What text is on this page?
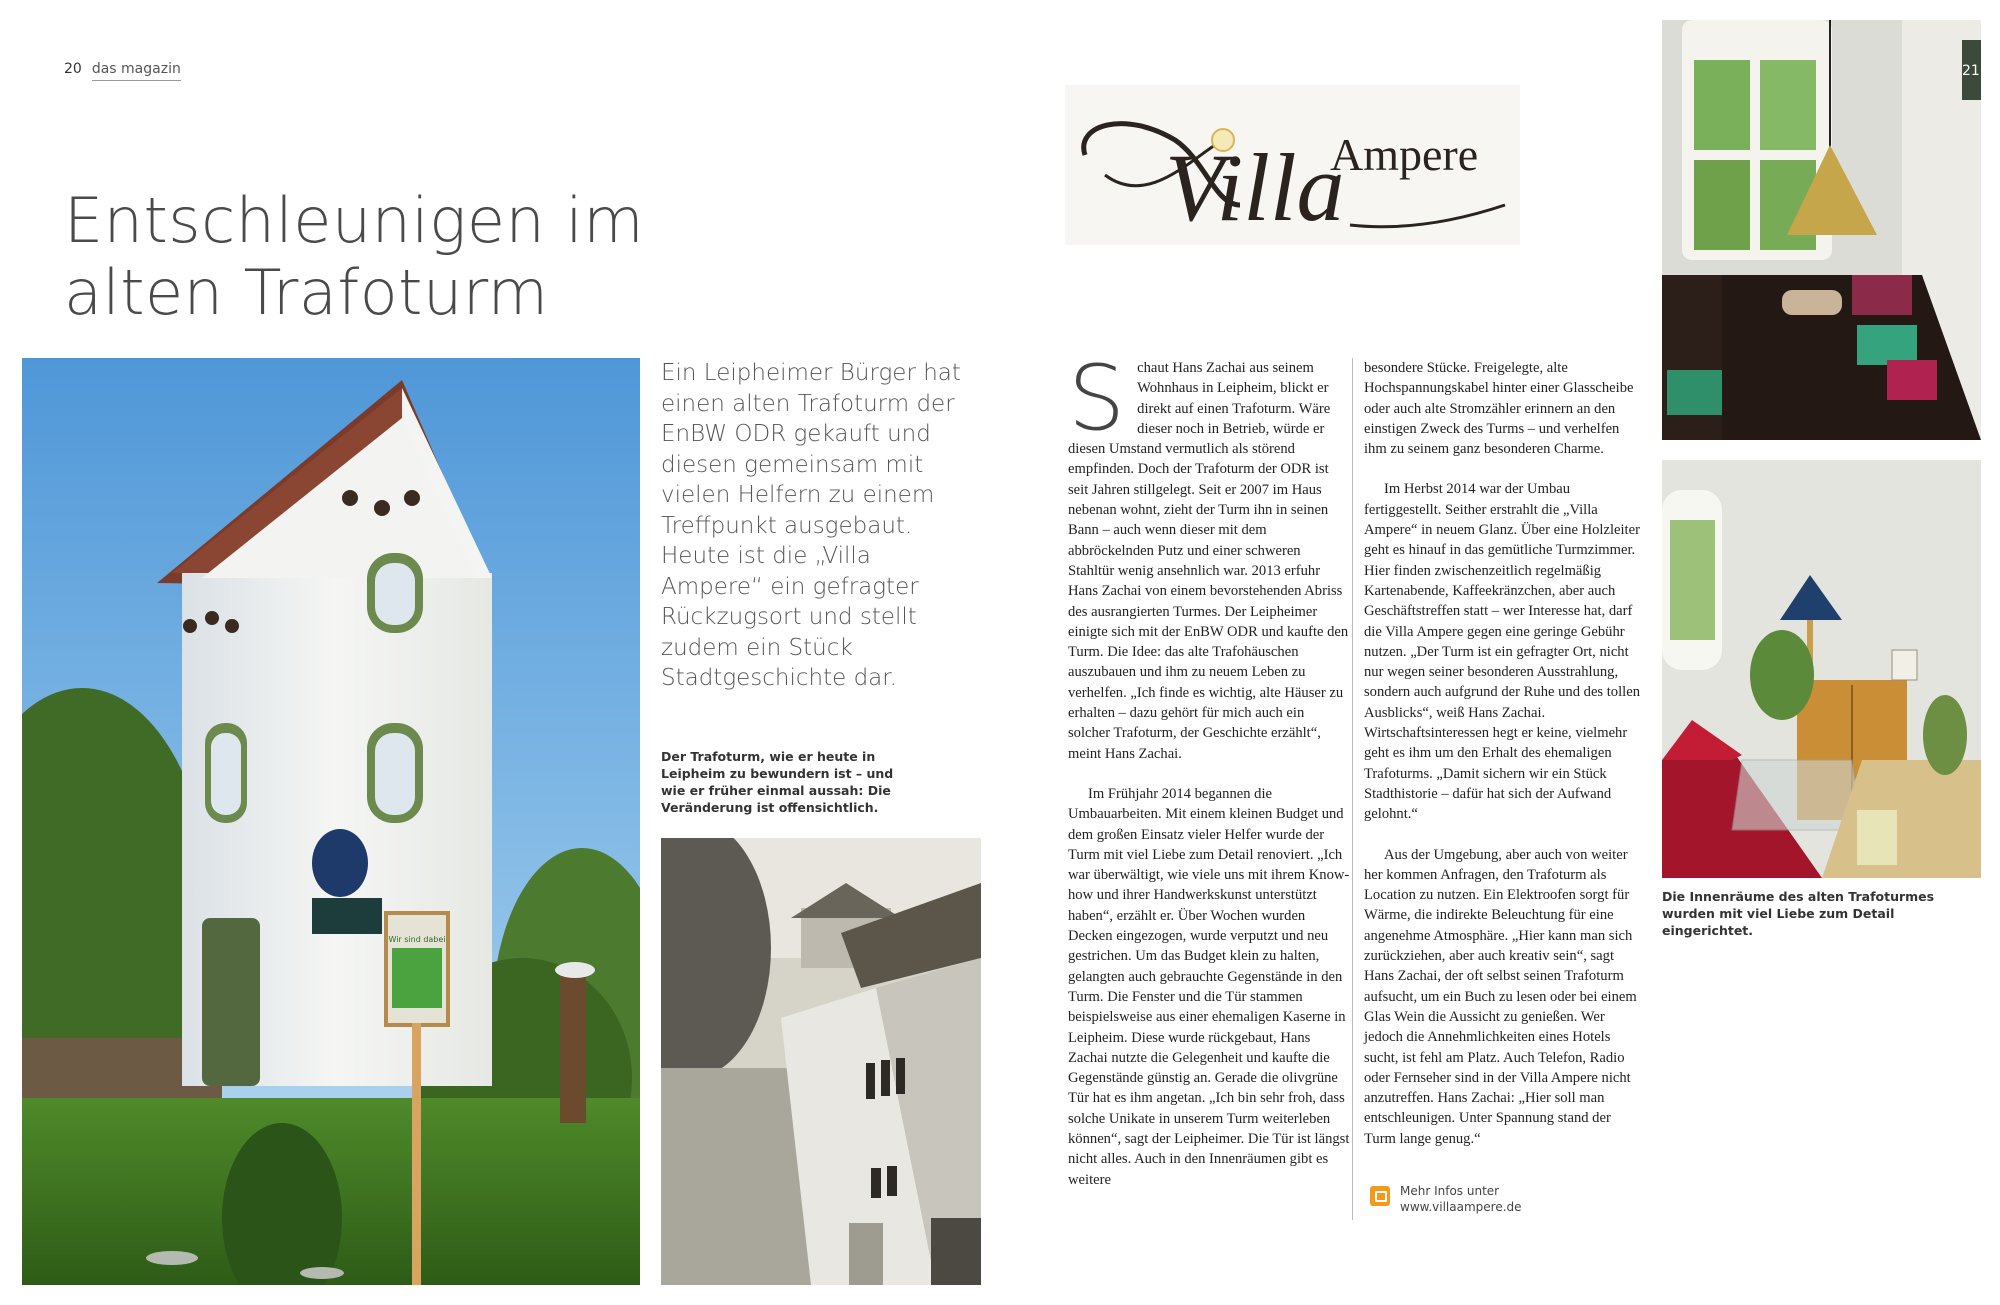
20 das magazin
Entschleunigen im
alten Trafoturm
Wir sind dabei

Ein Leipheimer Bürger hat einen alten Trafoturm der EnBW ODR gekauft und diesen gemeinsam mit vielen Helfern zu einem Treffpunkt ausgebaut. Heute ist die „Villa Ampere“ ein gefragter Rückzugsort und stellt zudem ein Stück Stadtgeschichte dar.

Der Trafoturm, wie er heute in Leipheim zu bewundern ist – und wie er früher einmal aussah: Die Veränderung ist offensichtlich.

Villa
Ampere

S chaut Hans Zachai aus seinem Wohnhaus in Leipheim, blickt er direkt auf einen Trafoturm. Wäre dieser noch in Betrieb, würde er diesen Umstand vermutlich als störend empfinden. Doch der Trafoturm der ODR ist seit Jahren stillgelegt. Seit er 2007 im Haus nebenan wohnt, zieht der Turm ihn in seinen Bann – auch wenn dieser mit dem abbröckelnden Putz und einer schweren Stahltür wenig ansehnlich war. 2013 erfuhr Hans Zachai von einem bevorstehenden Abriss des ausrangierten Turmes. Der Leipheimer einigte sich mit der EnBW ODR und kaufte den Turm. Die Idee: das alte Trafohäuschen auszubauen und ihm zu neuem Leben zu verhelfen. „Ich finde es wichtig, alte Häuser zu erhalten – dazu gehört für mich auch ein solcher Trafoturm, der Geschichte erzählt“, meint Hans Zachai.

Im Frühjahr 2014 begannen die Umbauarbeiten. Mit einem kleinen Budget und dem großen Einsatz vieler Helfer wurde der Turm mit viel Liebe zum Detail renoviert. „Ich war überwältigt, wie viele uns mit ihrem Know-how und ihrer Handwerkskunst unterstützt haben“, erzählt er. Über Wochen wurden Decken eingezogen, wurde verputzt und neu gestrichen. Um das Budget klein zu halten, gelangten auch gebrauchte Gegenstände in den Turm. Die Fenster und die Tür stammen beispielsweise aus einer ehemaligen Kaserne in Leipheim. Diese wurde rückgebaut, Hans Zachai nutzte die Gelegenheit und kaufte die Gegenstände günstig an. Gerade die olivgrüne Tür hat es ihm angetan. „Ich bin sehr froh, dass solche Unikate in unserem Turm weiterleben können“, sagt der Leipheimer. Die Tür ist längst nicht alles. Auch in den Innenräumen gibt es weitere

besondere Stücke. Freigelegte, alte Hochspannungskabel hinter einer Glasscheibe oder auch alte Stromzähler erinnern an den einstigen Zweck des Turms – und verhelfen ihm zu seinem ganz besonderen Charme.

Im Herbst 2014 war der Umbau fertiggestellt. Seither erstrahlt die „Villa Ampere“ in neuem Glanz. Über eine Holzleiter geht es hinauf in das gemütliche Turmzimmer. Hier finden zwischenzeitlich regelmäßig Kartenabende, Kaffeekränzchen, aber auch Geschäftstreffen statt – wer Interesse hat, darf die Villa Ampere gegen eine geringe Gebühr nutzen. „Der Turm ist ein gefragter Ort, nicht nur wegen seiner besonderen Ausstrahlung, sondern auch aufgrund der Ruhe und des tollen Ausblicks“, weiß Hans Zachai. Wirtschaftsinteressen hegt er keine, vielmehr geht es ihm um den Erhalt des ehemaligen Trafoturms. „Damit sichern wir ein Stück Stadthistorie – dafür hat sich der Aufwand gelohnt.“

Aus der Umgebung, aber auch von weiter her kommen Anfragen, den Trafoturm als Location zu nutzen. Ein Elektroofen sorgt für Wärme, die indirekte Beleuchtung für eine angenehme Atmosphäre. „Hier kann man sich zurückziehen, aber auch kreativ sein“, sagt Hans Zachai, der oft selbst seinen Trafoturm aufsucht, um ein Buch zu lesen oder bei einem Glas Wein die Aussicht zu genießen. Wer jedoch die Annehmlichkeiten eines Hotels sucht, ist fehl am Platz. Auch Telefon, Radio oder Fernseher sind in der Villa Ampere nicht anzutreffen. Hans Zachai: „Hier soll man entschleunigen. Unter Spannung stand der Turm lange genug.“

Mehr Infos unter
www.villaampere.de
21

Die Innenräume des alten Trafoturmes wurden mit viel Liebe zum Detail eingerichtet.
